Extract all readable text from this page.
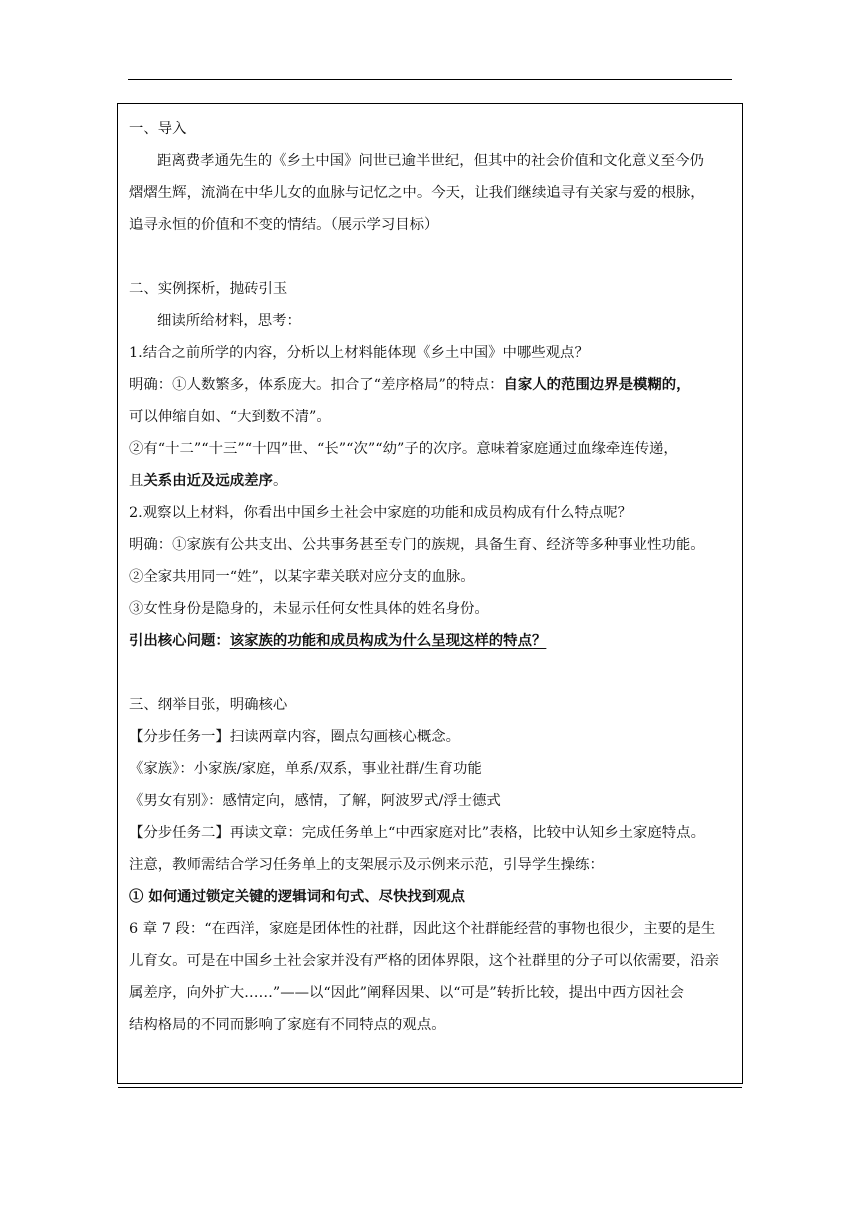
一、导入
距离费孝通先生的《乡土中国》问世已逾半世纪，但其中的社会价值和文化意义至今仍
熠熠生辉，流淌在中华儿女的血脉与记忆之中。今天，让我们继续追寻有关家与爱的根脉，
追寻永恒的价值和不变的情结。（展示学习目标）
二、实例探析，抛砖引玉
细读所给材料，思考：
1.结合之前所学的内容，分析以上材料能体现《乡土中国》中哪些观点？
明确：①人数繁多，体系庞大。扣合了“差序格局”的特点：自家人的范围边界是模糊的，
可以伸缩自如、“大到数不清”。
②有“十二”“十三”“十四”世、“长”“次”“幼”子的次序。意味着家庭通过血缘牵连传递，
且关系由近及远成差序。
2.观察以上材料，你看出中国乡土社会中家庭的功能和成员构成有什么特点呢？
明确：①家族有公共支出、公共事务甚至专门的族规，具备生育、经济等多种事业性功能。
②全家共用同一“姓”，以某字辈关联对应分支的血脉。
③女性身份是隐身的，未显示任何女性具体的姓名身份。
引出核心问题：该家族的功能和成员构成为什么呈现这样的特点？
三、纲举目张，明确核心
【分步任务一】扫读两章内容，圈点勾画核心概念。
《家族》：小家族/家庭，单系/双系，事业社群/生育功能
《男女有别》：感情定向，感情，了解，阿波罗式/浮士德式
【分步任务二】再读文章：完成任务单上“中西家庭对比”表格，比较中认知乡土家庭特点。
注意，教师需结合学习任务单上的支架展示及示例来示范，引导学生操练：
① 如何通过锁定关键的逻辑词和句式、尽快找到观点
6 章 7 段：“在西洋，家庭是团体性的社群，因此这个社群能经营的事物也很少，主要的是生
儿育女。可是在中国乡土社会家并没有严格的团体界限，这个社群里的分子可以依需要，沿亲
属差序，向外扩大……”——以“因此”阐释因果、以“可是”转折比较，提出中西方因社会
结构格局的不同而影响了家庭有不同特点的观点。
